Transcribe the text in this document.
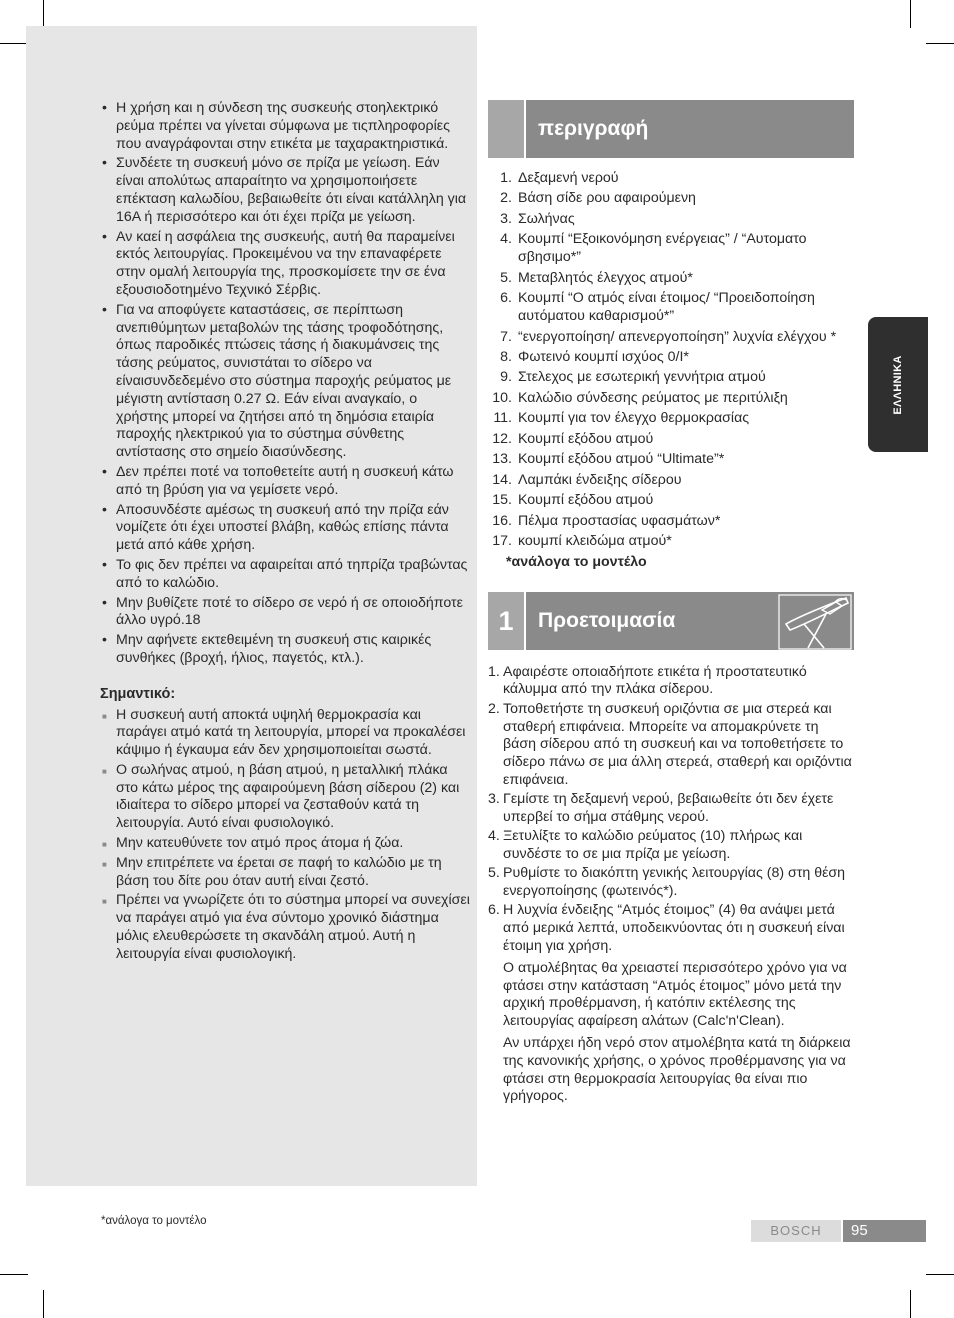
• Η χρήση και η σύνδεση της συσκευής στοηλεκτρικό ρεύμα πρέπει να γίνεται σύμφωνα με τιςπληροφορίες που αναγράφονται στην ετικέτα με ταχαρακτηριστικά.
• Συνδέετε τη συσκευή μόνο σε πρίζα με γείωση. Εάν είναι απολύτως απαραίτητο να χρησιμοποιήσετε επέκταση καλωδίου, βεβαιωθείτε ότι είναι κατάλληλη για 16A ή περισσότερο και ότι έχει πρίζα με γείωση.
• Αν καεί η ασφάλεια της συσκευής, αυτή θα παραμείνει εκτός λειτουργίας. Προκειμένου να την επαναφέρετε στην ομαλή λειτουργία της, προσκομίσετε την σε ένα εξουσιοδοτημένο Τεχνικό Σέρβις.
• Για να αποφύγετε καταστάσεις, σε περίπτωση ανεπιθύμητων μεταβολών της τάσης τροφοδότησης, όπως παροδικές πτώσεις τάσης ή διακυμάνσεις της τάσης ρεύματος, συνιστάται το σίδερο να είναισυνδεδεμένο στο σύστημα παροχής ρεύματος με μέγιστη αντίσταση 0.27 Ω. Εάν είναι αναγκαίο, ο χρήστης μπορεί να ζητήσει από τη δημόσια εταιρία παροχής ηλεκτρικού για το σύστημα σύνθετης αντίστασης στο σημείο διασύνδεσης.
• Δεν πρέπει ποτέ να τοποθετείτε αυτή η συσκευή κάτω από τη βρύση για να γεμίσετε νερό.
• Αποσυνδέστε αμέσως τη συσκευή από την πρίζα εάν νομίζετε ότι έχει υποστεί βλάβη, καθώς επίσης πάντα μετά από κάθε χρήση.
• Το φις δεν πρέπει να αφαιρείται από τηπρίζα τραβώντας από το καλώδιο.
• Μην βυθίζετε ποτέ το σίδερο σε νερό ή σε οποιοδήποτε άλλο υγρό.18
• Μην αφήνετε εκτεθειμένη τη συσκευή στις καιρικές συνθήκες (βροχή, ήλιος, παγετός, κτλ.).
Σημαντικό:
■ Η συσκευή αυτή αποκτά υψηλή θερμοκρασία και παράγει ατμό κατά τη λειτουργία, μπορεί να προκαλέσει κάψιμο ή έγκαυμα εάν δεν χρησιμοποιείται σωστά.
■ Ο σωλήνας ατμού, η βάση ατμού, η μεταλλική πλάκα στο κάτω μέρος της αφαιρούμενη βάση σίδερου (2) και ιδιαίτερα το σίδερο μπορεί να ζεσταθούν κατά τη λειτουργία. Αυτό είναι φυσιολογικό.
■ Μην κατευθύνετε τον ατμό προς άτομα ή ζώα.
■ Μην επιτρέπετε να έρεται σε παφή το καλώδιο με τη βάση του δίτε ρου όταν αυτή είναι ζεστό.
■ Πρέπει να γνωρίζετε ότι το σύστημα μπορεί να συνεχίσει να παράγει ατμό για ένα σύντομο χρονικό διάστημα μόλις ελευθερώσετε τη σκανδάλη ατμού. Αυτή η λειτουργία είναι φυσιολογική.
περιγραφή
1. Δεξαμενή νερού
2. Βάση σίδε ρου αφαιρούμενη
3. Σωλήνας
4. Κουμπί “Εξοικονόμηση ενέργειας” / “Αυτοματο σβησιμο*”
5. Μεταβλητός έλεγχος ατμού*
6. Κουμπί “Ο ατμός είναι έτοιμος/ “Προειδοποίηση αυτόματου καθαρισμού*”
7. “ενεργοποίηση/ απενεργοποίηση” λυχνία ελέγχου *
8. Φωτεινό κουμπί ισχύος 0/I*
9. Στελεχος με εσωτερική γεννήτρια ατμού
10. Καλώδιο σύνδεσης ρεύματος με περιτύλιξη
11. Κουμπί για τον έλεγχο θερμοκρασίας
12. Κουμπί εξόδου ατμού
13. Κουμπί εξόδου ατμού “Ultimate”*
14. Λαμπάκι ένδειξης σίδερου
15. Κουμπί εξόδου ατμού
16. Πέλμα προστασίας υφασμάτων*
17. κουμπί κλειδώμα ατμού*
*ανάλογα το μοντέλο
1	Προετοιμασία
1. Αφαιρέστε οποιαδήποτε ετικέτα ή προστατευτικό κάλυμμα από την πλάκα σίδερου.
2. Τοποθετήστε τη συσκευή οριζόντια σε μια στερεά και σταθερή επιφάνεια. Μπορείτε να απομακρύνετε τη βάση σίδερου από τη συσκευή και να τοποθετήσετε το σίδερο πάνω σε μια άλλη στερεά, σταθερή και οριζόντια επιφάνεια.
3. Γεμίστε τη δεξαμενή νερού, βεβαιωθείτε ότι δεν έχετε υπερβεί το σήμα στάθμης νερού.
4. Ξετυλίξτε το καλώδιο ρεύματος (10) πλήρως και συνδέστε το σε μια πρίζα με γείωση.
5. Ρυθμίστε το διακόπτη γενικής λειτουργίας (8) στη θέση ενεργοποίησης (φωτεινός*).
6. Η λυχνία ένδειξης “Ατμός έτοιμος” (4) θα ανάψει μετά από μερικά λεπτά, υποδεικνύοντας ότι η συσκευή είναι έτοιμη για χρήση.

Ο ατμολέβητας θα χρειαστεί περισσότερο χρόνο για να φτάσει στην κατάσταση “Ατμός έτοιμος” μόνο μετά την αρχική προθέρμανση, ή κατόπιν εκτέλεσης της λειτουργίας αφαίρεση αλάτων (Calc'n'Clean).

Αν υπάρχει ήδη νερό στον ατμολέβητα κατά τη διάρκεια της κανονικής χρήσης, ο χρόνος προθέρμανσης για να φτάσει στη θερμοκρασία λειτουργίας θα είναι πιο γρήγορος.

ΕΛΛΗΝΙΚΑ
*ανάλογα το μοντέλο
BOSCH	95
